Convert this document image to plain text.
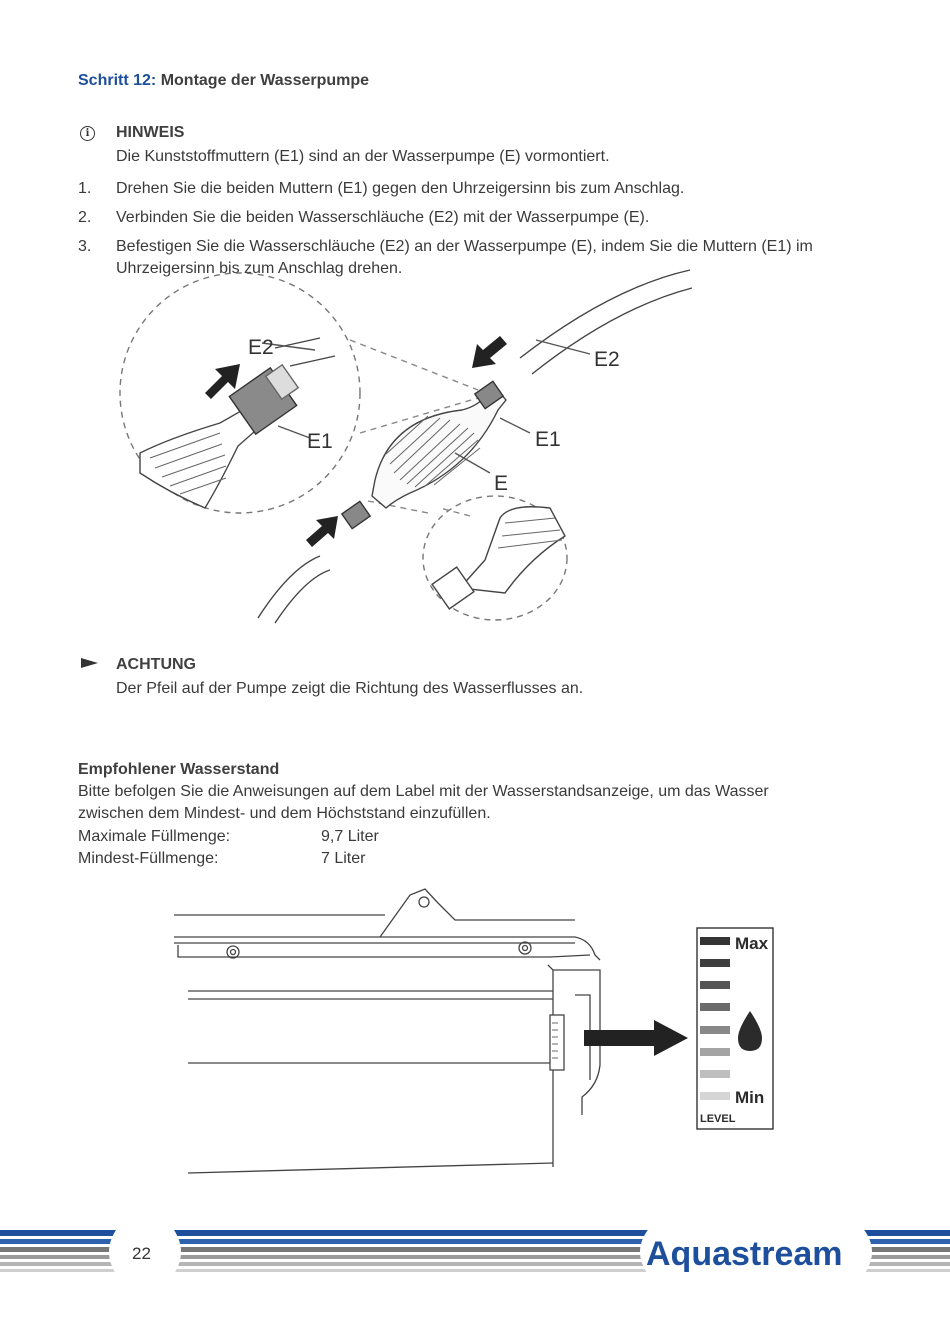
Schritt 12: Montage der Wasserpumpe
i	HINWEIS
Die Kunststoffmuttern (E1) sind an der Wasserpumpe (E) vormontiert.
1.	Drehen Sie die beiden Muttern (E1) gegen den Uhrzeigersinn bis zum Anschlag.
2.	Verbinden Sie die beiden Wasserschläuche (E2) mit der Wasserpumpe (E).
3.	Befestigen Sie die Wasserschläuche (E2) an der Wasserpumpe (E), indem Sie die Muttern (E1) im
Uhrzeigersinn bis zum Anschlag drehen.
E2
E1
E2
E1
E
ACHTUNG
Der Pfeil auf der Pumpe zeigt die Richtung des Wasserflusses an.
Empfohlener Wasserstand
Bitte befolgen Sie die Anweisungen auf dem Label mit der Wasserstandsanzeige, um das Wasser
zwischen dem Mindest- und dem Höchststand einzufüllen.
Maximale Füllmenge:	9,7 Liter
Mindest-Füllmenge:	7 Liter
Max
Min
LEVEL
22	Aquastream
